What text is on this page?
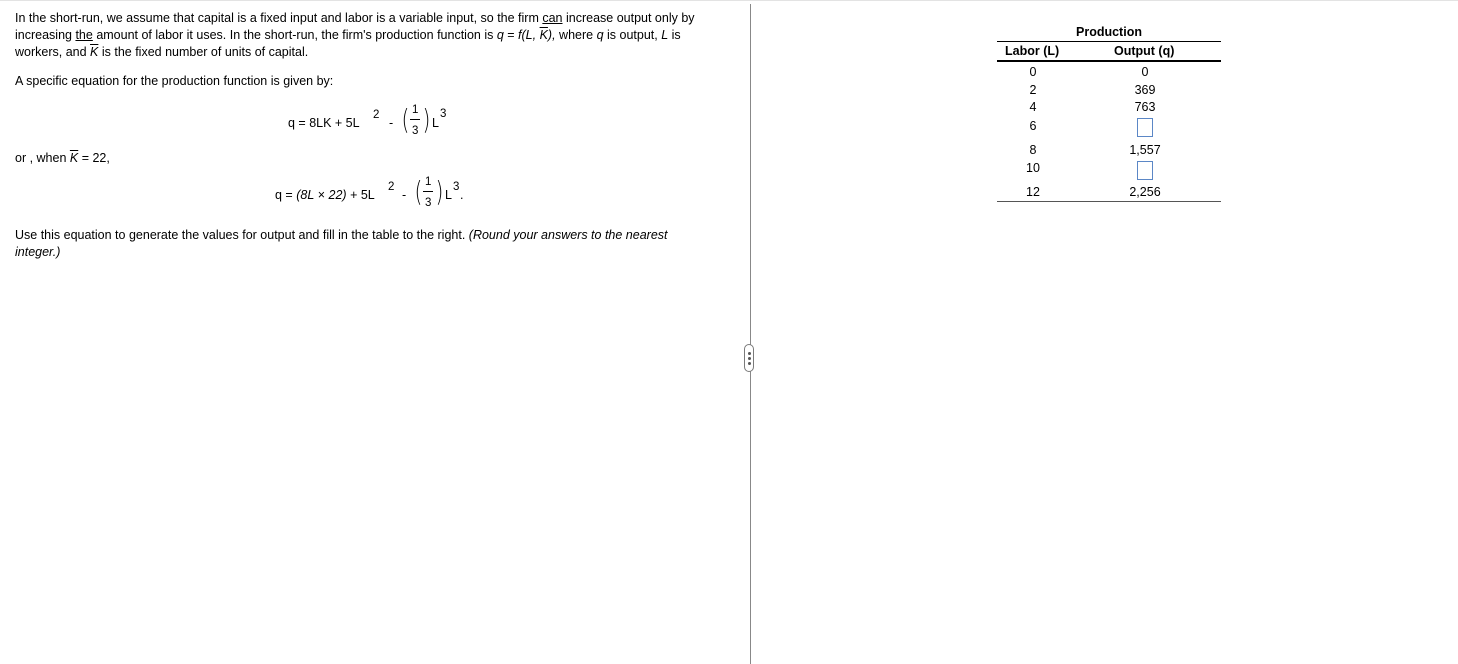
In the short-run, we assume that capital is a fixed input and labor is a variable input, so the firm can increase output only by
increasing the amount of labor it uses. In the short-run, the firm's production function is q = f(L, $\overline{K}$), where q is output, L is
workers, and $\overline{K}$ is the fixed number of units of capital.

A specific equation for the production function is given by:
q = 8LK + 5L
2
- ( 1
3 ) L
3
or , when $\overline{K} = 22$,
q = (8L × 22) + 5L
2
- ( 1
3 ) L
3
.
Use this equation to generate the values for output and fill in the table to the right. (Round your answers to the nearest
integer.)
Production
Labor (L)	Output (q)
0	0
2	369
4	763
6
8	1,557
10
12	2,256
